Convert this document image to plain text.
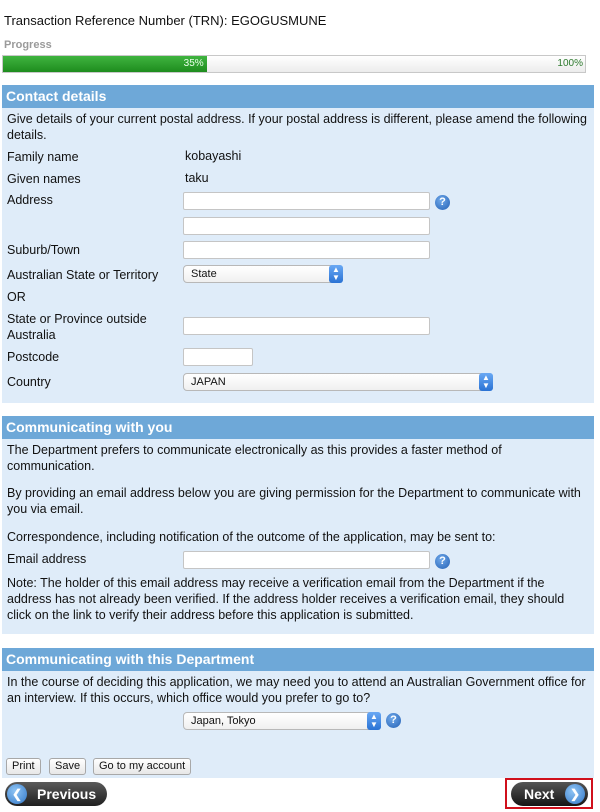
Transaction Reference Number (TRN): EGOGUSMUNE
Progress
35%	100%
Contact details
Give details of your current postal address. If your postal address is different, please amend the following details.
Family name	kobayashi
Given names	taku
Address	?
Suburb/Town
Australian State or Territory	State	▲
▼
OR
State or Province outside Australia
Postcode
Country	JAPAN	▲
▼
Communicating with you
The Department prefers to communicate electronically as this provides a faster method of communication.
By providing an email address below you are giving permission for the Department to communicate with you via email.
Correspondence, including notification of the outcome of the application, may be sent to:
Email address	?
Note: The holder of this email address may receive a verification email from the Department if the address has not already been verified. If the address holder receives a verification email, they should click on the link to verify their address before this application is submitted.
Communicating with this Department
In the course of deciding this application, we may need you to attend an Australian Government office for an interview. If this occurs, which office would you prefer to go to?
Japan, Tokyo	▲
▼	?
Print	Save	Go to my account
❮	Previous	Next	❯
